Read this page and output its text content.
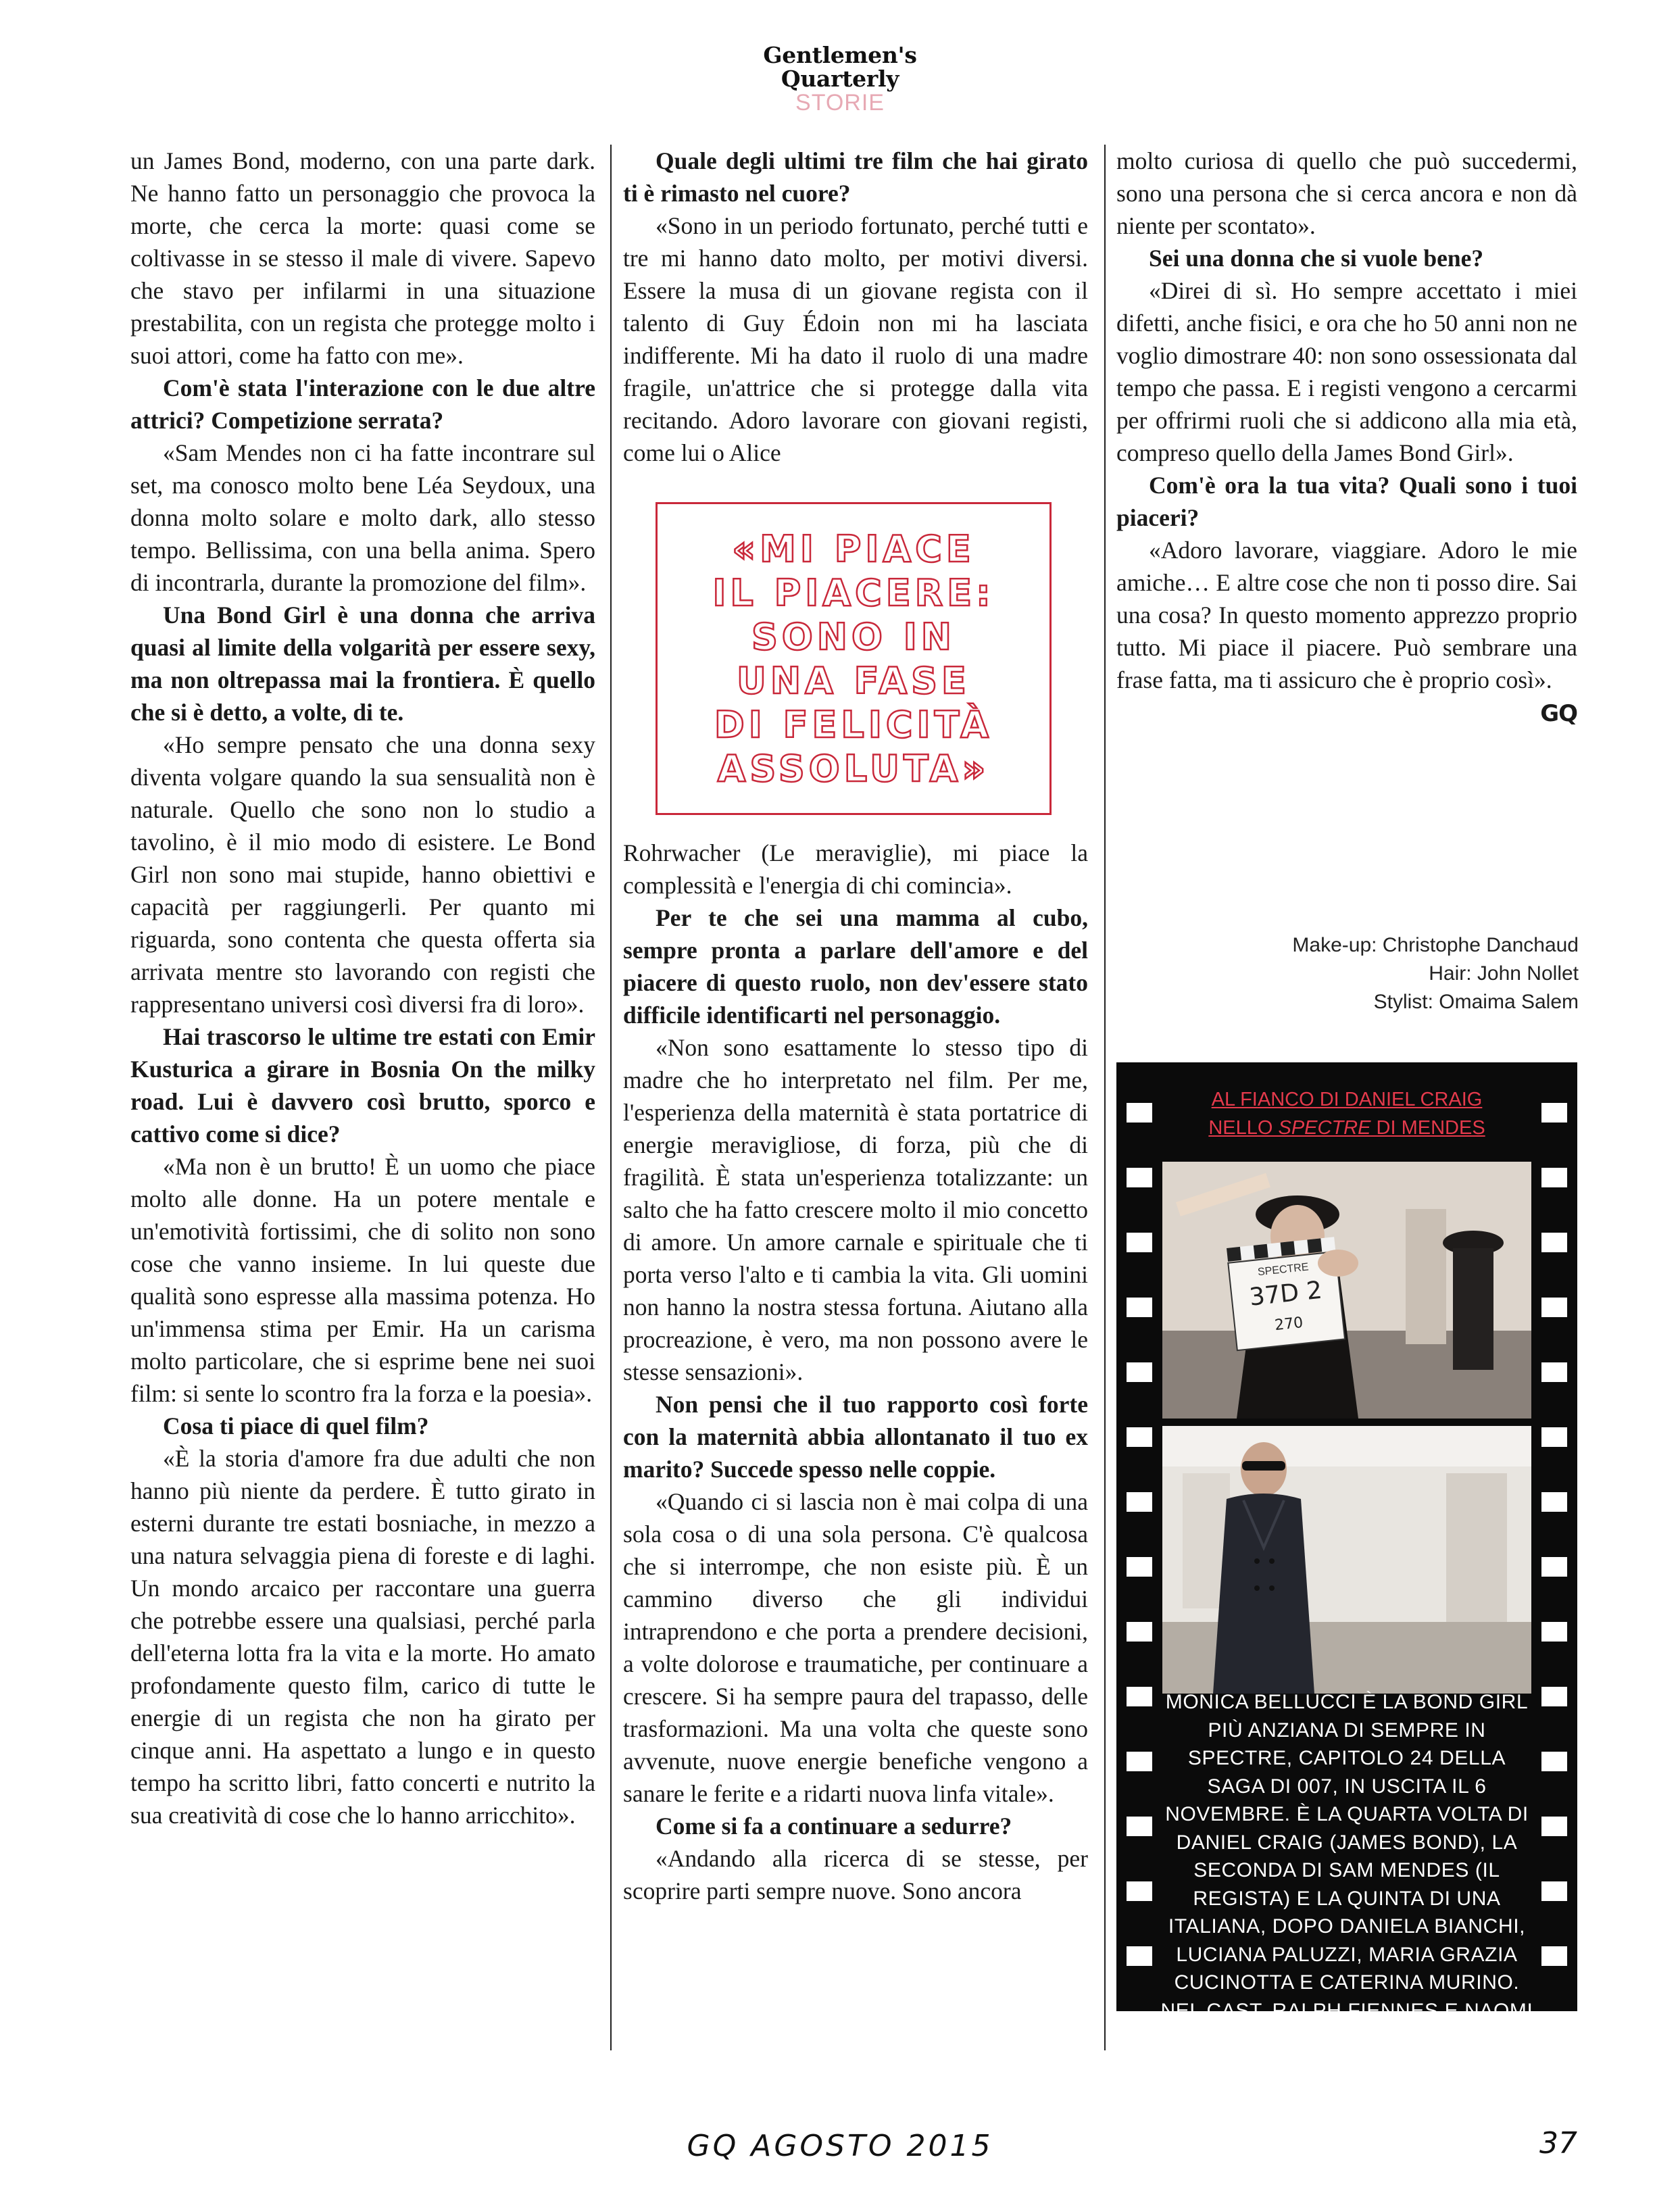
Gentlemen's
Quarterly
STORIE

un James Bond, moderno, con una parte dark. Ne hanno fatto un personaggio che provoca la morte, che cerca la morte: quasi come se coltivasse in se stesso il male di vivere. Sapevo che stavo per infilarmi in una situazione prestabilita, con un regista che protegge molto i suoi attori, come ha fatto con me».

Com'è stata l'interazione con le due altre attrici? Competizione serrata?

«Sam Mendes non ci ha fatte incontrare sul set, ma conosco molto bene Léa Seydoux, una donna molto solare e molto dark, allo stesso tempo. Bellissima, con una bella anima. Spero di incontrarla, durante la promozione del film».

Una Bond Girl è una donna che arriva quasi al limite della volgarità per essere sexy, ma non oltrepassa mai la frontiera. È quello che si è detto, a volte, di te.

«Ho sempre pensato che una donna sexy diventa volgare quando la sua sensualità non è naturale. Quello che sono non lo studio a tavolino, è il mio modo di esistere. Le Bond Girl non sono mai stupide, hanno obiettivi e capacità per raggiungerli. Per quanto mi riguarda, sono contenta che questa offerta sia arrivata mentre sto lavorando con registi che rappresentano universi così diversi fra di loro».

Hai trascorso le ultime tre estati con Emir Kusturica a girare in Bosnia On the milky road. Lui è davvero così brutto, sporco e cattivo come si dice?

«Ma non è un brutto! È un uomo che piace molto alle donne. Ha un potere mentale e un'emotività fortissimi, che di solito non sono cose che vanno insieme. In lui queste due qualità sono espresse alla massima potenza. Ho un'immensa stima per Emir. Ha un carisma molto particolare, che si esprime bene nei suoi film: si sente lo scontro fra la forza e la poesia».

Cosa ti piace di quel film?

«È la storia d'amore fra due adulti che non hanno più niente da perdere. È tutto girato in esterni durante tre estati bosniache, in mezzo a una natura selvaggia piena di foreste e di laghi. Un mondo arcaico per raccontare una guerra che potrebbe essere una qualsiasi, perché parla dell'eterna lotta fra la vita e la morte. Ho amato profondamente questo film, carico di tutte le energie di un regista che non ha girato per cinque anni. Ha aspettato a lungo e in questo tempo ha scritto libri, fatto concerti e nutrito la sua creatività di cose che lo hanno arricchito».

Quale degli ultimi tre film che hai girato ti è rimasto nel cuore?

«Sono in un periodo fortunato, perché tutti e tre mi hanno dato molto, per motivi diversi. Essere la musa di un giovane regista con il talento di Guy Édoin non mi ha lasciata indifferente. Mi ha dato il ruolo di una madre fragile, un'attrice che si protegge dalla vita recitando. Adoro lavorare con giovani registi, come lui o Alice

Rohrwacher (Le meraviglie), mi piace la complessità e l'energia di chi comincia».

Per te che sei una mamma al cubo, sempre pronta a parlare dell'amore e del piacere di questo ruolo, non dev'essere stato difficile identificarti nel personaggio.

«Non sono esattamente lo stesso tipo di madre che ho interpretato nel film. Per me, l'esperienza della maternità è stata portatrice di energie meravigliose, di forza, più che di fragilità. È stata un'esperienza totalizzante: un salto che ha fatto crescere molto il mio concetto di amore. Un amore carnale e spirituale che ti porta verso l'alto e ti cambia la vita. Gli uomini non hanno la nostra stessa fortuna. Aiutano alla procreazione, è vero, ma non possono avere le stesse sensazioni».

Non pensi che il tuo rapporto così forte con la maternità abbia allontanato il tuo ex marito? Succede spesso nelle coppie.

«Quando ci si lascia non è mai colpa di una sola cosa o di una sola persona. C'è qualcosa che si interrompe, che non esiste più. È un cammino diverso che gli individui intraprendono e che porta a prendere decisioni, a volte dolorose e traumatiche, per continuare a crescere. Si ha sempre paura del trapasso, delle trasformazioni. Ma una volta che queste sono avvenute, nuove energie benefiche vengono a sanare le ferite e a ridarti nuova linfa vitale».

Come si fa a continuare a sedurre?

«Andando alla ricerca di se stesse, per scoprire parti sempre nuove. Sono ancora

«MI PIACE
IL PIACERE:
SONO IN
UNA FASE
DI FELICITÀ
ASSOLUTA»

molto curiosa di quello che può succedermi, sono una persona che si cerca ancora e non dà niente per scontato».

Sei una donna che si vuole bene?

«Direi di sì. Ho sempre accettato i miei difetti, anche fisici, e ora che ho 50 anni non ne voglio dimostrare 40: non sono ossessionata dal tempo che passa. E i registi vengono a cercarmi per offrirmi ruoli che si addicono alla mia età, compreso quello della James Bond Girl».

Com'è ora la tua vita? Quali sono i tuoi piaceri?

«Adoro lavorare, viaggiare. Adoro le mie amiche… E altre cose che non ti posso dire. Sai una cosa? In questo momento apprezzo proprio tutto. Mi piace il piacere. Può sembrare una frase fatta, ma ti assicuro che è proprio così».
GQ

Make-up: Christophe Danchaud
Hair: John Nollet
Stylist: Omaima Salem
AL FIANCO DI DANIEL CRAIG
NELLO SPECTRE DI MENDES
SPECTRE
37D 2
270
MONICA BELLUCCI È LA BOND GIRL PIÙ ANZIANA DI SEMPRE IN SPECTRE, CAPITOLO 24 DELLA SAGA DI 007, IN USCITA IL 6 NOVEMBRE. È LA QUARTA VOLTA DI DANIEL CRAIG (JAMES BOND), LA SECONDA DI SAM MENDES (IL REGISTA) E LA QUINTA DI UNA ITALIANA, DOPO DANIELA BIANCHI, LUCIANA PALUZZI, MARIA GRAZIA CUCINOTTA E CATERINA MURINO. NEL CAST, RALPH FIENNES E NAOMI HARRIS.
GQ AGOSTO 2015	37
